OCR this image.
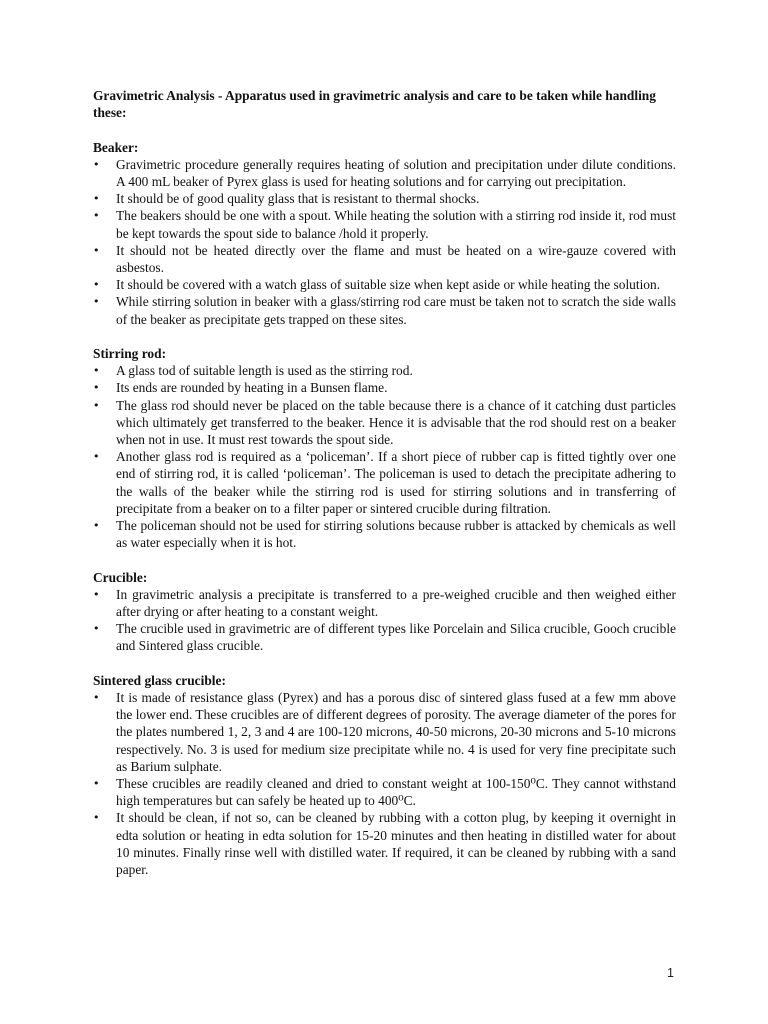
Gravimetric Analysis - Apparatus used in gravimetric analysis and care to be taken while handling these:
Beaker:
• Gravimetric procedure generally requires heating of solution and precipitation under dilute conditions. A 400 mL beaker of Pyrex glass is used for heating solutions and for carrying out precipitation.
• It should be of good quality glass that is resistant to thermal shocks.
• The beakers should be one with a spout. While heating the solution with a stirring rod inside it, rod must be kept towards the spout side to balance /hold it properly.
• It should not be heated directly over the flame and must be heated on a wire-gauze covered with asbestos.
• It should be covered with a watch glass of suitable size when kept aside or while heating the solution.
• While stirring solution in beaker with a glass/stirring rod care must be taken not to scratch the side walls of the beaker as precipitate gets trapped on these sites.
Stirring rod:
• A glass tod of suitable length is used as the stirring rod.
• Its ends are rounded by heating in a Bunsen flame.
• The glass rod should never be placed on the table because there is a chance of it catching dust particles which ultimately get transferred to the beaker. Hence it is advisable that the rod should rest on a beaker when not in use. It must rest towards the spout side.
• Another glass rod is required as a ‘policeman’. If a short piece of rubber cap is fitted tightly over one end of stirring rod, it is called ‘policeman’. The policeman is used to detach the precipitate adhering to the walls of the beaker while the stirring rod is used for stirring solutions and in transferring of precipitate from a beaker on to a filter paper or sintered crucible during filtration.
• The policeman should not be used for stirring solutions because rubber is attacked by chemicals as well as water especially when it is hot.
Crucible:
• In gravimetric analysis a precipitate is transferred to a pre-weighed crucible and then weighed either after drying or after heating to a constant weight.
• The crucible used in gravimetric are of different types like Porcelain and Silica crucible, Gooch crucible and Sintered glass crucible.
Sintered glass crucible:
• It is made of resistance glass (Pyrex) and has a porous disc of sintered glass fused at a few mm above the lower end. These crucibles are of different degrees of porosity. The average diameter of the pores for the plates numbered 1, 2, 3 and 4 are 100-120 microns, 40-50 microns, 20-30 microns and 5-10 microns respectively. No. 3 is used for medium size precipitate while no. 4 is used for very fine precipitate such as Barium sulphate.
• These crucibles are readily cleaned and dried to constant weight at 100-150⁰C. They cannot withstand high temperatures but can safely be heated up to 400⁰C.
• It should be clean, if not so, can be cleaned by rubbing with a cotton plug, by keeping it overnight in edta solution or heating in edta solution for 15-20 minutes and then heating in distilled water for about 10 minutes. Finally rinse well with distilled water. If required, it can be cleaned by rubbing with a sand paper.
1
